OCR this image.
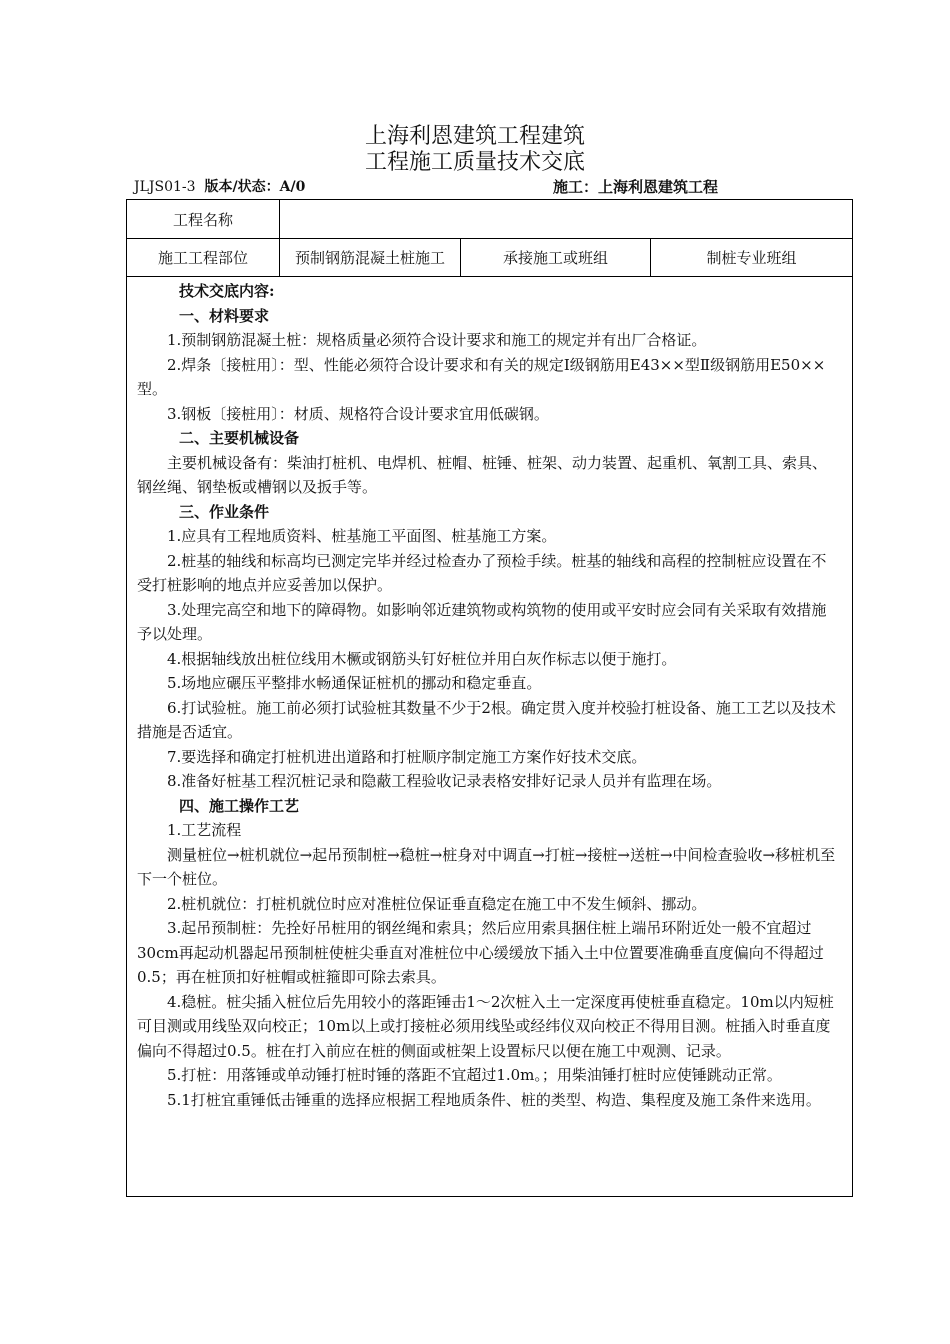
上海利恩建筑工程建筑
工程施工质量技术交底
JLJS01-3 版本/状态：A/0	施工：上海利恩建筑工程
工程名称
施工工程部位	预制钢筋混凝土桩施工	承接施工或班组	制桩专业班组

技术交底内容:

一、材料要求

1.预制钢筋混凝土桩：规格质量必须符合设计要求和施工的规定并有出厂合格证。

2.焊条〔接桩用〕：型、性能必须符合设计要求和有关的规定Ⅰ级钢筋用E43××型Ⅱ级钢筋用E50××型。

3.钢板〔接桩用〕：材质、规格符合设计要求宜用低碳钢。

二、主要机械设备

主要机械设备有：柴油打桩机、电焊机、桩帽、桩锤、桩架、动力装置、起重机、氧割工具、索具、钢丝绳、钢垫板或槽钢以及扳手等。

三、作业条件

1.应具有工程地质资料、桩基施工平面图、桩基施工方案。

2.桩基的轴线和标高均已测定完毕并经过检查办了预检手续。桩基的轴线和高程的控制桩应设置在不受打桩影响的地点并应妥善加以保护。

3.处理完高空和地下的障碍物。如影响邻近建筑物或构筑物的使用或平安时应会同有关采取有效措施予以处理。

4.根据轴线放出桩位线用木橛或钢筋头钉好桩位并用白灰作标志以便于施打。

5.场地应碾压平整排水畅通保证桩机的挪动和稳定垂直。

6.打试验桩。施工前必须打试验桩其数量不少于2根。确定贯入度并校验打桩设备、施工工艺以及技术措施是否适宜。

7.要选择和确定打桩机进出道路和打桩顺序制定施工方案作好技术交底。

8.准备好桩基工程沉桩记录和隐蔽工程验收记录表格安排好记录人员并有监理在场。

四、施工操作工艺

1.工艺流程

测量桩位→桩机就位→起吊预制桩→稳桩→桩身对中调直→打桩→接桩→送桩→中间检查验收→移桩机至下一个桩位。

2.桩机就位：打桩机就位时应对准桩位保证垂直稳定在施工中不发生倾斜、挪动。

3.起吊预制桩：先拴好吊桩用的钢丝绳和索具；然后应用索具捆住桩上端吊环附近处一般不宜超过30cm再起动机器起吊预制桩使桩尖垂直对准桩位中心缓缓放下插入土中位置要准确垂直度偏向不得超过0.5；再在桩顶扣好桩帽或桩箍即可除去索具。

4.稳桩。桩尖插入桩位后先用较小的落距锤击1～2次桩入土一定深度再使桩垂直稳定。10m以内短桩可目测或用线坠双向校正；10m以上或打接桩必须用线坠或经纬仪双向校正不得用目测。桩插入时垂直度偏向不得超过0.5。桩在打入前应在桩的侧面或桩架上设置标尺以便在施工中观测、记录。

5.打桩：用落锤或单动锤打桩时锤的落距不宜超过1.0m。；用柴油锤打桩时应使锤跳动正常。

5.1打桩宜重锤低击锤重的选择应根据工程地质条件、桩的类型、构造、集程度及施工条件来选用。
